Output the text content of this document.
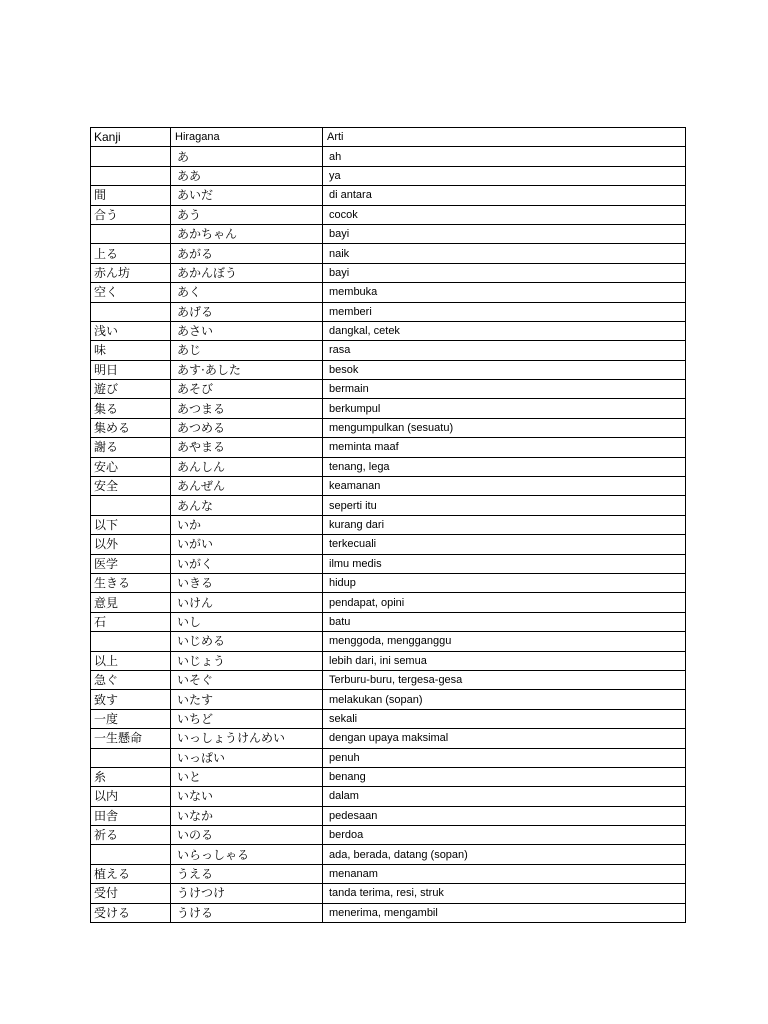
Kanji	Hiragana	Arti
	あ	ah
	ああ	ya
間	あいだ	di antara
合う	あう	cocok
	あかちゃん	bayi
上る	あがる	naik
赤ん坊	あかんぼう	bayi
空く	あく	membuka
	あげる	memberi
浅い	あさい	dangkal, cetek
味	あじ	rasa
明日	あす·あした	besok
遊び	あそび	bermain
集る	あつまる	berkumpul
集める	あつめる	mengumpulkan (sesuatu)
謝る	あやまる	meminta maaf
安心	あんしん	tenang, lega
安全	あんぜん	keamanan
	あんな	seperti itu
以下	いか	kurang dari
以外	いがい	terkecuali
医学	いがく	ilmu medis
生きる	いきる	hidup
意見	いけん	pendapat, opini
石	いし	batu
	いじめる	menggoda, mengganggu
以上	いじょう	lebih dari, ini semua
急ぐ	いそぐ	Terburu-buru, tergesa-gesa
致す	いたす	melakukan (sopan)
一度	いちど	sekali
一生懸命	いっしょうけんめい	dengan upaya maksimal
	いっぱい	penuh
糸	いと	benang
以内	いない	dalam
田舎	いなか	pedesaan
祈る	いのる	berdoa
	いらっしゃる	ada, berada, datang (sopan)
植える	うえる	menanam
受付	うけつけ	tanda terima, resi, struk
受ける	うける	menerima, mengambil
